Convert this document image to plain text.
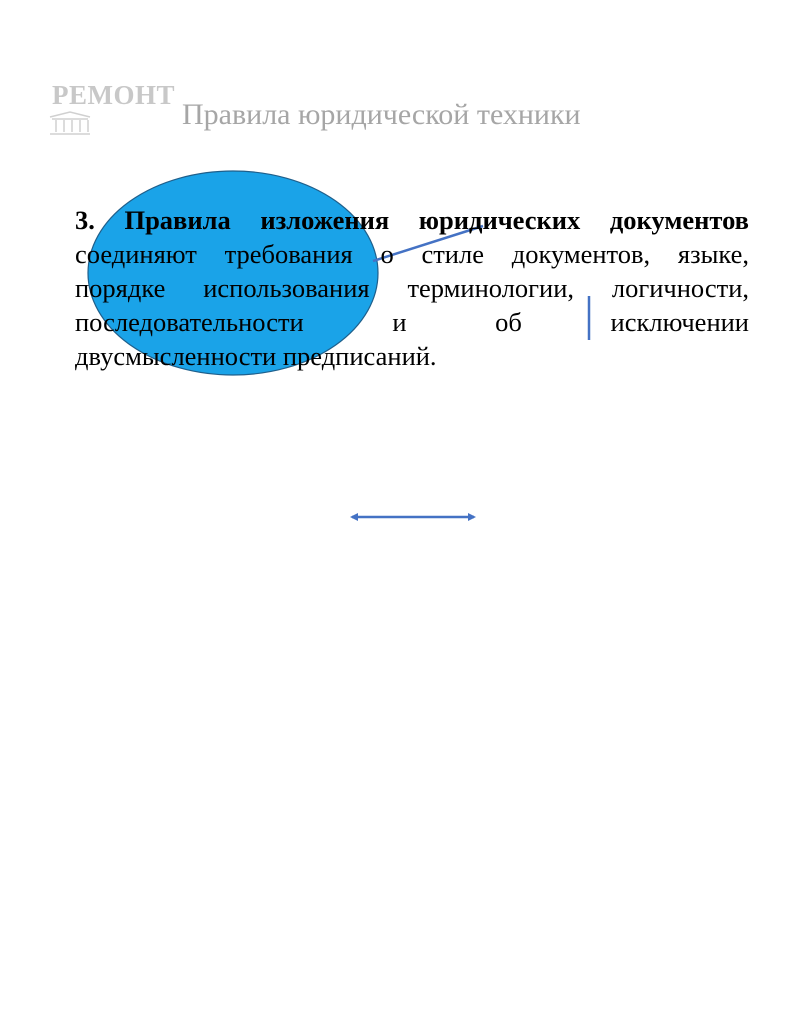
РЕМОНТ
Правила юридической техники
3. Правила изложения юридических документов
соединяют требования о стиле документов, языке,
порядке использования терминологии, логичности,
последовательности и об исключении
двусмысленности предписаний.
